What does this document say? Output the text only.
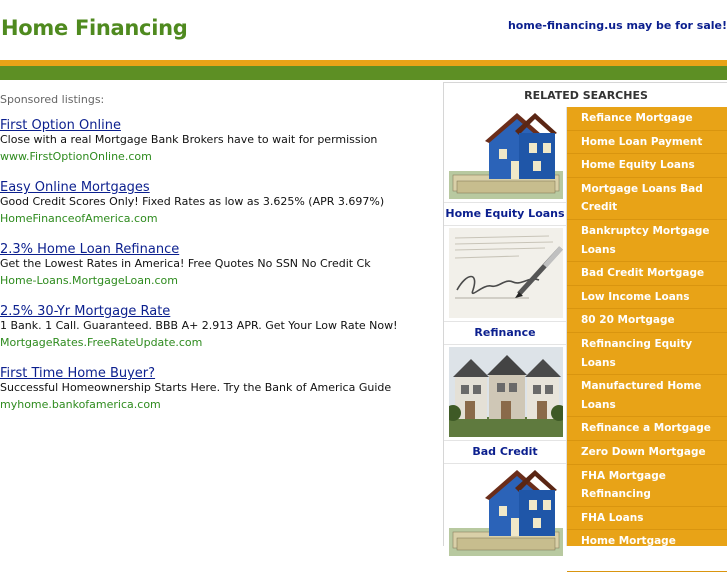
Home Financing	home-financing.us may be for sale!
Sponsored listings:
First Option Online
Close with a real Mortgage Bank Brokers have to wait for permission
www.FirstOptionOnline.com
Easy Online Mortgages
Good Credit Scores Only! Fixed Rates as low as 3.625% (APR 3.697%)
HomeFinanceofAmerica.com
2.3% Home Loan Refinance
Get the Lowest Rates in America! Free Quotes No SSN No Credit Ck
Home-Loans.MortgageLoan.com
2.5% 30-Yr Mortgage Rate
1 Bank. 1 Call. Guaranteed. BBB A+ 2.913 APR. Get Your Low Rate Now!
MortgageRates.FreeRateUpdate.com
First Time Home Buyer?
Successful Homeownership Starts Here. Try the Bank of America Guide
myhome.bankofamerica.com
RELATED SEARCHES
Home Equity Loans
Refinance
Bad Credit
Refiance Mortgage
Home Loan Payment
Home Equity Loans
Mortgage Loans Bad Credit
Bankruptcy Mortgage Loans
Bad Credit Mortgage
Low Income Loans
80 20 Mortgage
Refinancing Equity Loans
Manufactured Home Loans
Refinance a Mortgage
Zero Down Mortgage
FHA Mortgage Refinancing
FHA Loans
Home Mortgage Refinance Loan
